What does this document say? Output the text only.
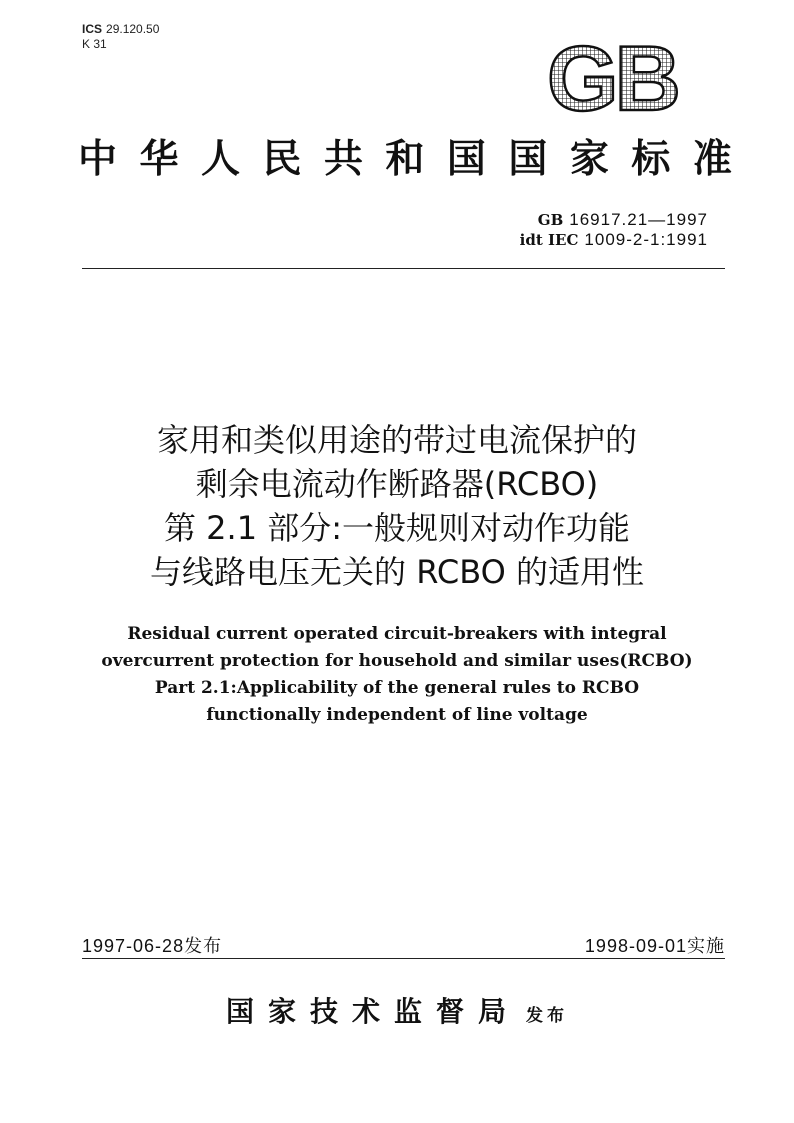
ICS 29.120.50
K 31	GB
中 华 人 民 共 和 国 国 家 标 准
GB 16917.21—1997
idt IEC 1009-2-1:1991
家用和类似用途的带过电流保护的
剩余电流动作断路器(RCBO)
第 2.1 部分:一般规则对动作功能
与线路电压无关的 RCBO 的适用性
Residual current operated circuit-breakers with integral
overcurrent protection for household and similar uses(RCBO)
Part 2.1:Applicability of the general rules to RCBO
functionally independent of line voltage
1997-06-28发布	1998-09-01实施
国家技术监督局 发布
